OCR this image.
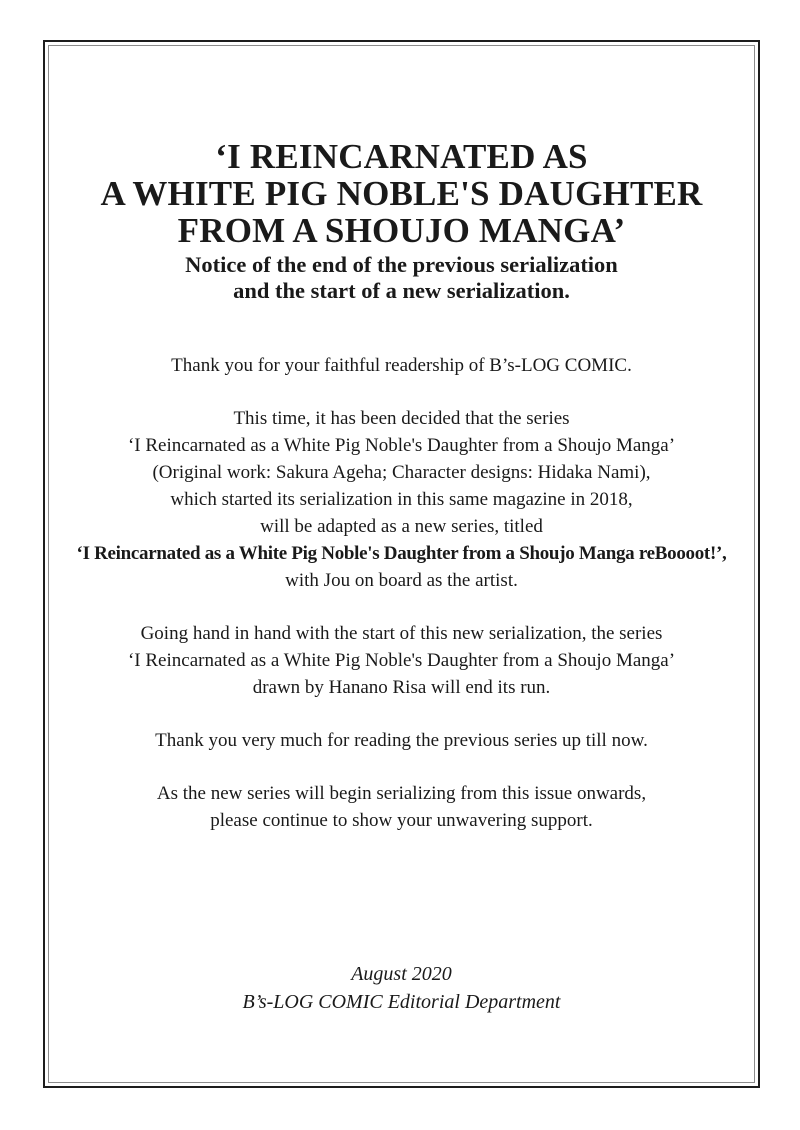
‘I REINCARNATED AS
A WHITE PIG NOBLE'S DAUGHTER
FROM A SHOUJO MANGA’
Notice of the end of the previous serialization
and the start of a new serialization.

Thank you for your faithful readership of B’s-LOG COMIC.

This time, it has been decided that the series
‘I Reincarnated as a White Pig Noble's Daughter from a Shoujo Manga’
(Original work: Sakura Ageha; Character designs: Hidaka Nami),
which started its serialization in this same magazine in 2018,
will be adapted as a new series, titled
‘I Reincarnated as a White Pig Noble's Daughter from a Shoujo Manga reBoooot!’,
with Jou on board as the artist.

Going hand in hand with the start of this new serialization, the series
‘I Reincarnated as a White Pig Noble's Daughter from a Shoujo Manga’
drawn by Hanano Risa will end its run.

Thank you very much for reading the previous series up till now.

As the new series will begin serializing from this issue onwards,
please continue to show your unwavering support.

August 2020
B’s-LOG COMIC Editorial Department
